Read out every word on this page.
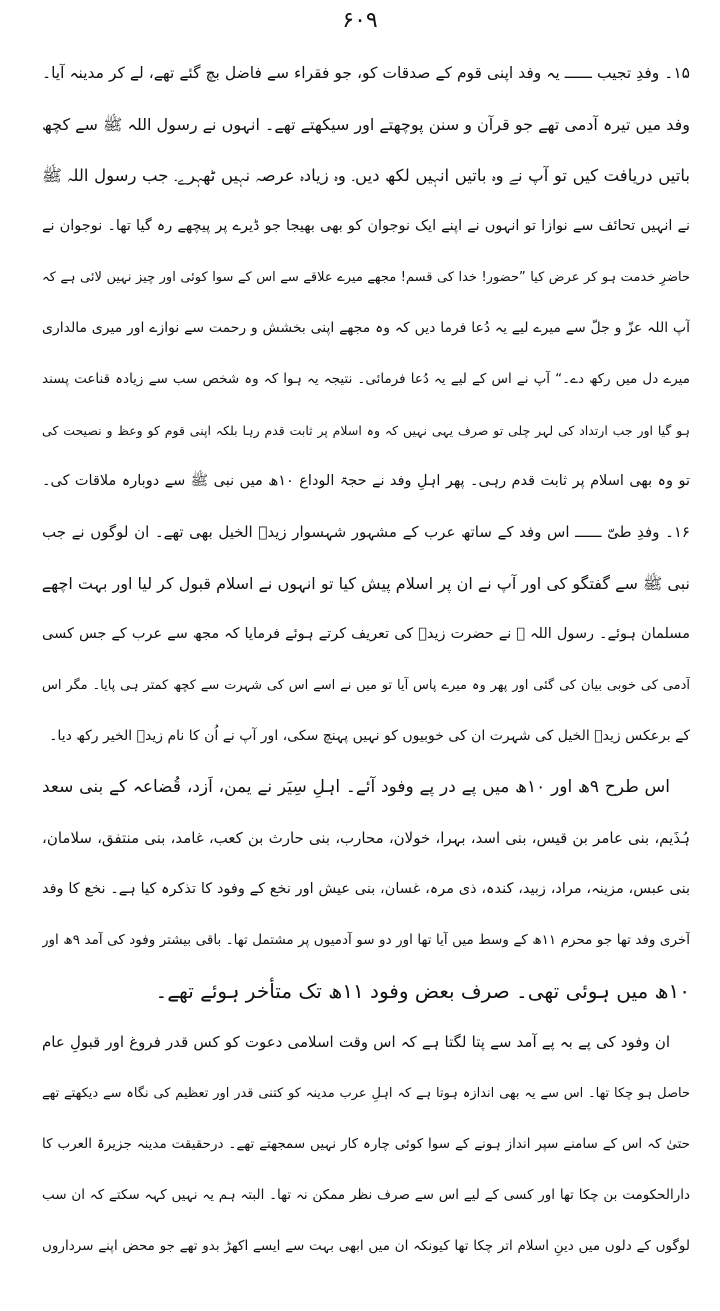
۶۰۹
۱۵۔ وفدِ تجیب ــــــ یہ وفد اپنی قوم کے صدقات کو، جو فقراء سے فاضل بچ گئے تھے، لے کر مدینہ آیا۔
وفد میں تیرہ آدمی تھے جو قرآن و سنن پوچھتے اور سیکھتے تھے۔ انہوں نے رسول اللہ ﷺ سے کچھ
باتیں دریافت کیں تو آپ نے وہ باتیں انہیں لکھ دیں۔ وہ زیادہ عرصہ نہیں ٹھہرے۔ جب رسول اللہ ﷺ
نے انہیں تحائف سے نوازا تو انہوں نے اپنے ایک نوجوان کو بھی بھیجا جو ڈیرے پر پیچھے رہ گیا تھا۔ نوجوان نے
حاضرِ خدمت ہو کر عرض کیا ”حضور! خدا کی قسم! مجھے میرے علاقے سے اس کے سوا کوئی اور چیز نہیں لائی ہے کہ
آپ اللہ عزّ و جلّ سے میرے لیے یہ دُعا فرما دیں کہ وہ مجھے اپنی بخشش و رحمت سے نوازے اور میری مالداری
میرے دل میں رکھ دے۔“ آپ نے اس کے لیے یہ دُعا فرمائی۔ نتیجہ یہ ہوا کہ وہ شخص سب سے زیادہ قناعت پسند
ہو گیا اور جب ارتداد کی لہر چلی تو صرف یہی نہیں کہ وہ اسلام پر ثابت قدم رہا بلکہ اپنی قوم کو وعظ و نصیحت کی
تو وہ بھی اسلام پر ثابت قدم رہی۔ پھر اہلِ وفد نے حجۃ الوداع ۱۰ھ میں نبی ﷺ سے دوبارہ ملاقات کی۔
۱۶۔ وفدِ طیّ ــــــ اس وفد کے ساتھ عرب کے مشہور شہسوار زیدؓ الخیل بھی تھے۔ ان لوگوں نے جب
نبی ﷺ سے گفتگو کی اور آپ نے ان پر اسلام پیش کیا تو انہوں نے اسلام قبول کر لیا اور بہت اچھے
مسلمان ہوئے۔ رسول اللہ ﷺ نے حضرت زیدؓ کی تعریف کرتے ہوئے فرمایا کہ مجھ سے عرب کے جس کسی
آدمی کی خوبی بیان کی گئی اور پھر وہ میرے پاس آیا تو میں نے اسے اس کی شہرت سے کچھ کمتر ہی پایا۔ مگر اس
کے برعکس زیدؓ الخیل کی شہرت ان کی خوبیوں کو نہیں پہنچ سکی، اور آپ نے اُن کا نام زیدؓ الخیر رکھ دیا۔
اس طرح ۹ھ اور ۱۰ھ میں پے در پے وفود آئے۔ اہلِ سِیَر نے یمن، اَزد، قُضاعہ کے بنی سعد
ہُذَیم، بنی عامر بن قیس، بنی اسد، بہرا، خولان، محارب، بنی حارث بن کعب، غامد، بنی منتفق، سلامان،
بنی عبس، مزینہ، مراد، زبید، کندہ، ذی مرہ، غسان، بنی عیش اور نخع کے وفود کا تذکرہ کیا ہے۔ نخع کا وفد
آخری وفد تھا جو محرم ۱۱ھ کے وسط میں آیا تھا اور دو سو آدمیوں پر مشتمل تھا۔ باقی بیشتر وفود کی آمد ۹ھ اور
۱۰ھ میں ہوئی تھی۔ صرف بعض وفود ۱۱ھ تک متأخر ہوئے تھے۔
ان وفود کی پے بہ پے آمد سے پتا لگتا ہے کہ اس وقت اسلامی دعوت کو کس قدر فروغ اور قبولِ عام
حاصل ہو چکا تھا۔ اس سے یہ بھی اندازہ ہوتا ہے کہ اہلِ عرب مدینہ کو کتنی قدر اور تعظیم کی نگاہ سے دیکھتے تھے
حتیٰ کہ اس کے سامنے سپر انداز ہونے کے سوا کوئی چارہ کار نہیں سمجھتے تھے۔ درحقیقت مدینہ جزیرۃ العرب کا
دارالحکومت بن چکا تھا اور کسی کے لیے اس سے صرف نظر ممکن نہ تھا۔ البتہ ہم یہ نہیں کہہ سکتے کہ ان سب
لوگوں کے دلوں میں دینِ اسلام اتر چکا تھا کیونکہ ان میں ابھی بہت سے ایسے اکھڑ بدو تھے جو محض اپنے سرداروں
